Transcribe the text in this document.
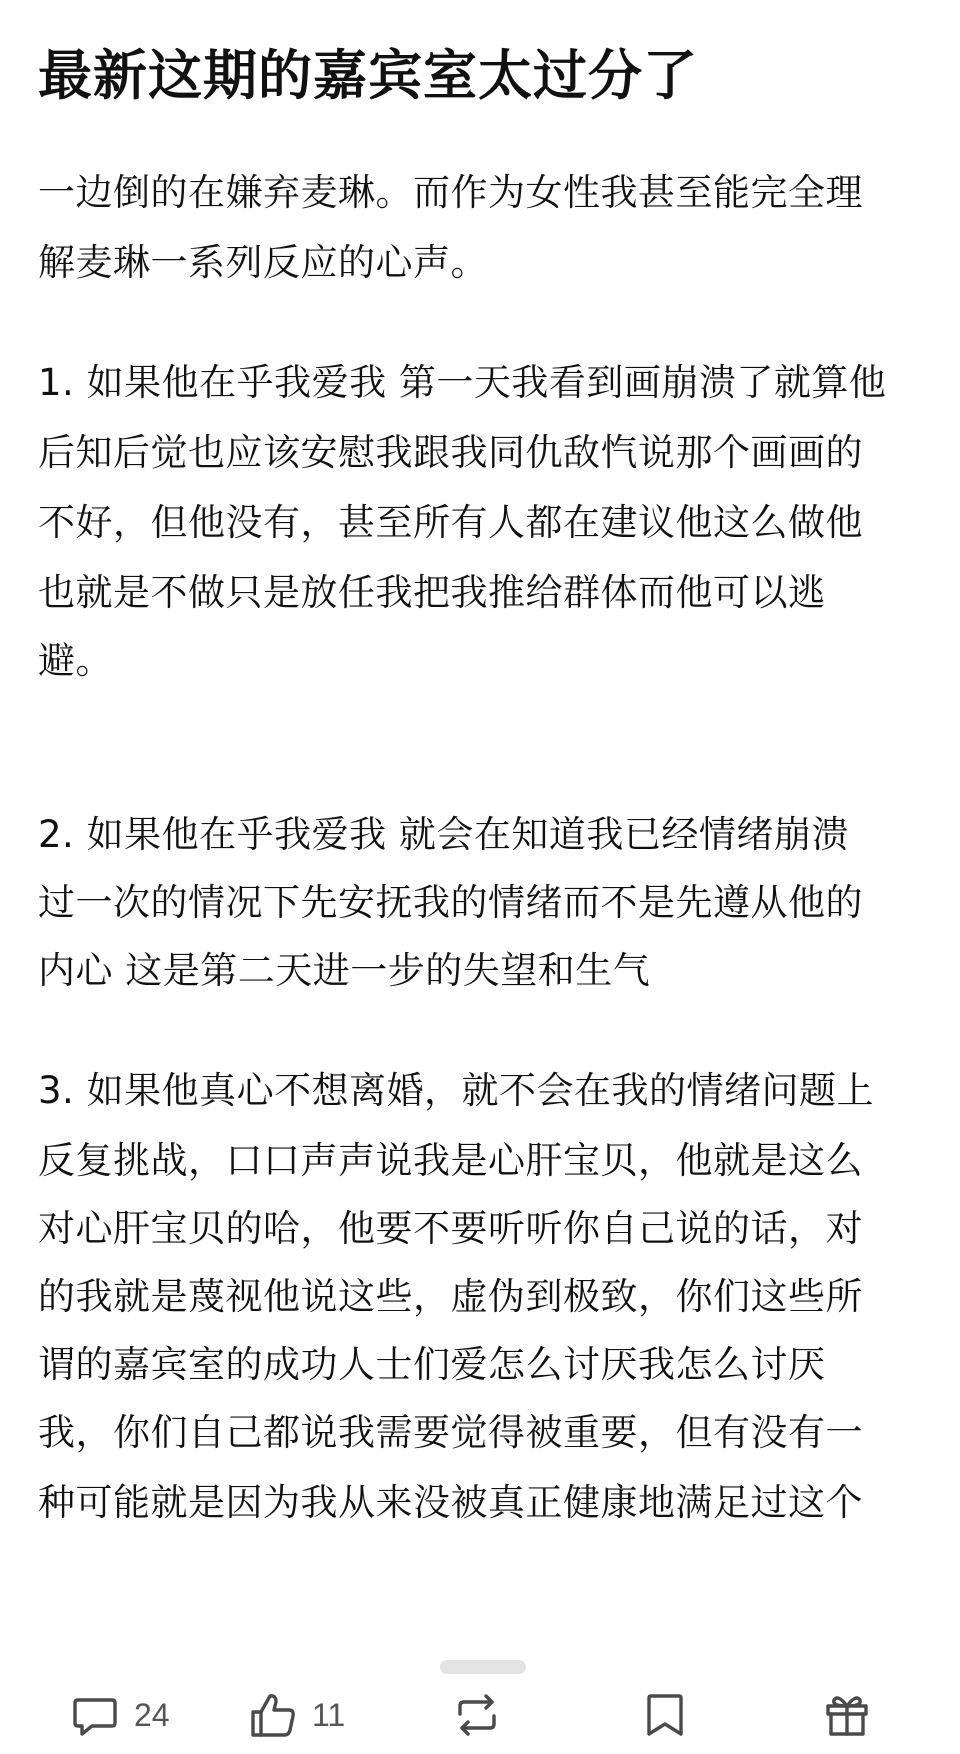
最新这期的嘉宾室太过分了

一边倒的在嫌弃麦琳。而作为女性我甚至能完全理

解麦琳一系列反应的心声。

1. 如果他在乎我爱我 第一天我看到画崩溃了就算他

后知后觉也应该安慰我跟我同仇敌忾说那个画画的

不好，但他没有，甚至所有人都在建议他这么做他

也就是不做只是放任我把我推给群体而他可以逃

避。

2. 如果他在乎我爱我 就会在知道我已经情绪崩溃

过一次的情况下先安抚我的情绪而不是先遵从他的

内心 这是第二天进一步的失望和生气

3. 如果他真心不想离婚，就不会在我的情绪问题上

反复挑战，口口声声说我是心肝宝贝，他就是这么

对心肝宝贝的哈，他要不要听听你自己说的话，对

的我就是蔑视他说这些，虚伪到极致，你们这些所

谓的嘉宾室的成功人士们爱怎么讨厌我怎么讨厌

我，你们自己都说我需要觉得被重要，但有没有一

种可能就是因为我从来没被真正健康地满足过这个

24	11
